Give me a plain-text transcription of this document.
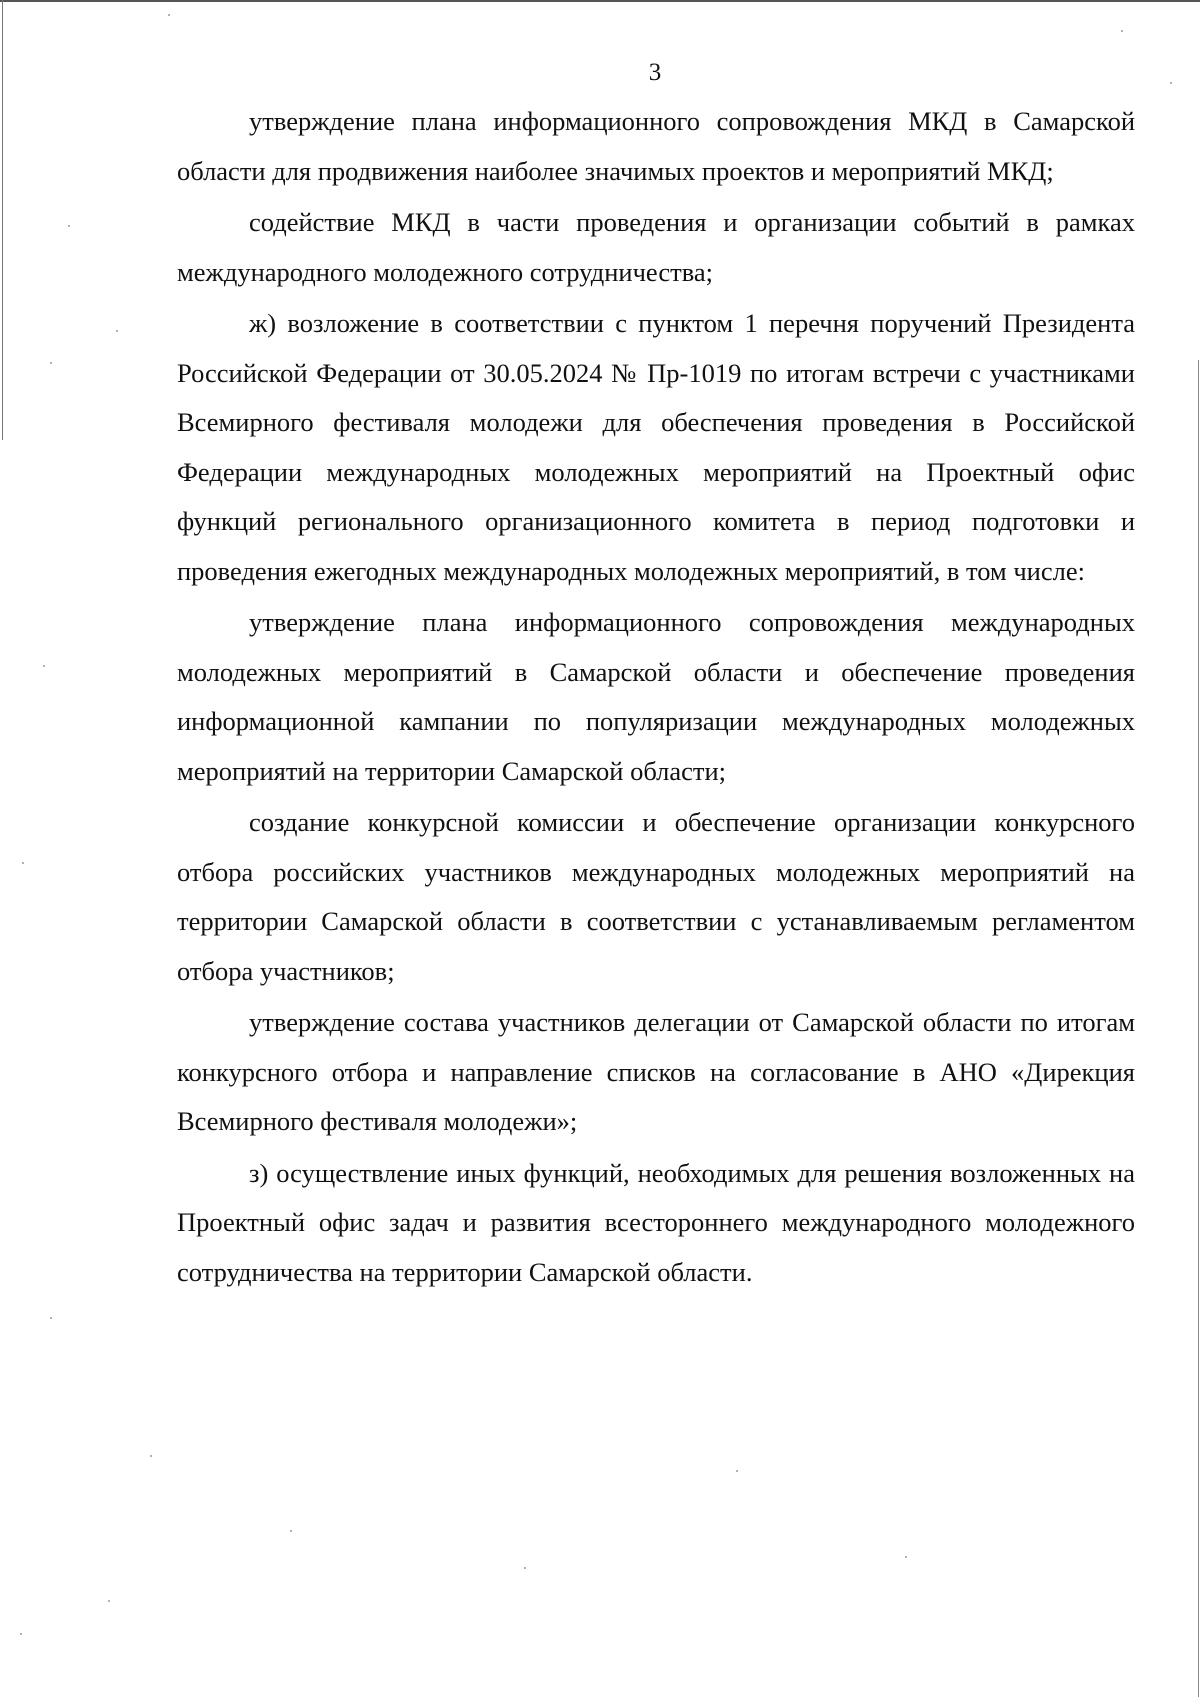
3

утверждение плана информационного сопровождения МКД в Самарской области для продвижения наиболее значимых проектов и мероприятий МКД;

содействие МКД в части проведения и организации событий в рамках международного молодежного сотрудничества;

ж) возложение в соответствии с пунктом 1 перечня поручений Президента Российской Федерации от 30.05.2024 № Пр-1019 по итогам встречи с участниками Всемирного фестиваля молодежи для обеспечения проведения в Российской Федерации международных молодежных мероприятий на Проектный офис функций регионального организационного комитета в период подготовки и проведения ежегодных международных молодежных мероприятий, в том числе:

утверждение плана информационного сопровождения международных молодежных мероприятий в Самарской области и обеспечение проведения информационной кампании по популяризации международных молодежных мероприятий на территории Самарской области;

создание конкурсной комиссии и обеспечение организации конкурсного отбора российских участников международных молодежных мероприятий на территории Самарской области в соответствии с устанавливаемым регламентом отбора участников;

утверждение состава участников делегации от Самарской области по итогам конкурсного отбора и направление списков на согласование в АНО «Дирекция Всемирного фестиваля молодежи»;

з) осуществление иных функций, необходимых для решения возложенных на Проектный офис задач и развития всестороннего международного молодежного сотрудничества на территории Самарской области.
